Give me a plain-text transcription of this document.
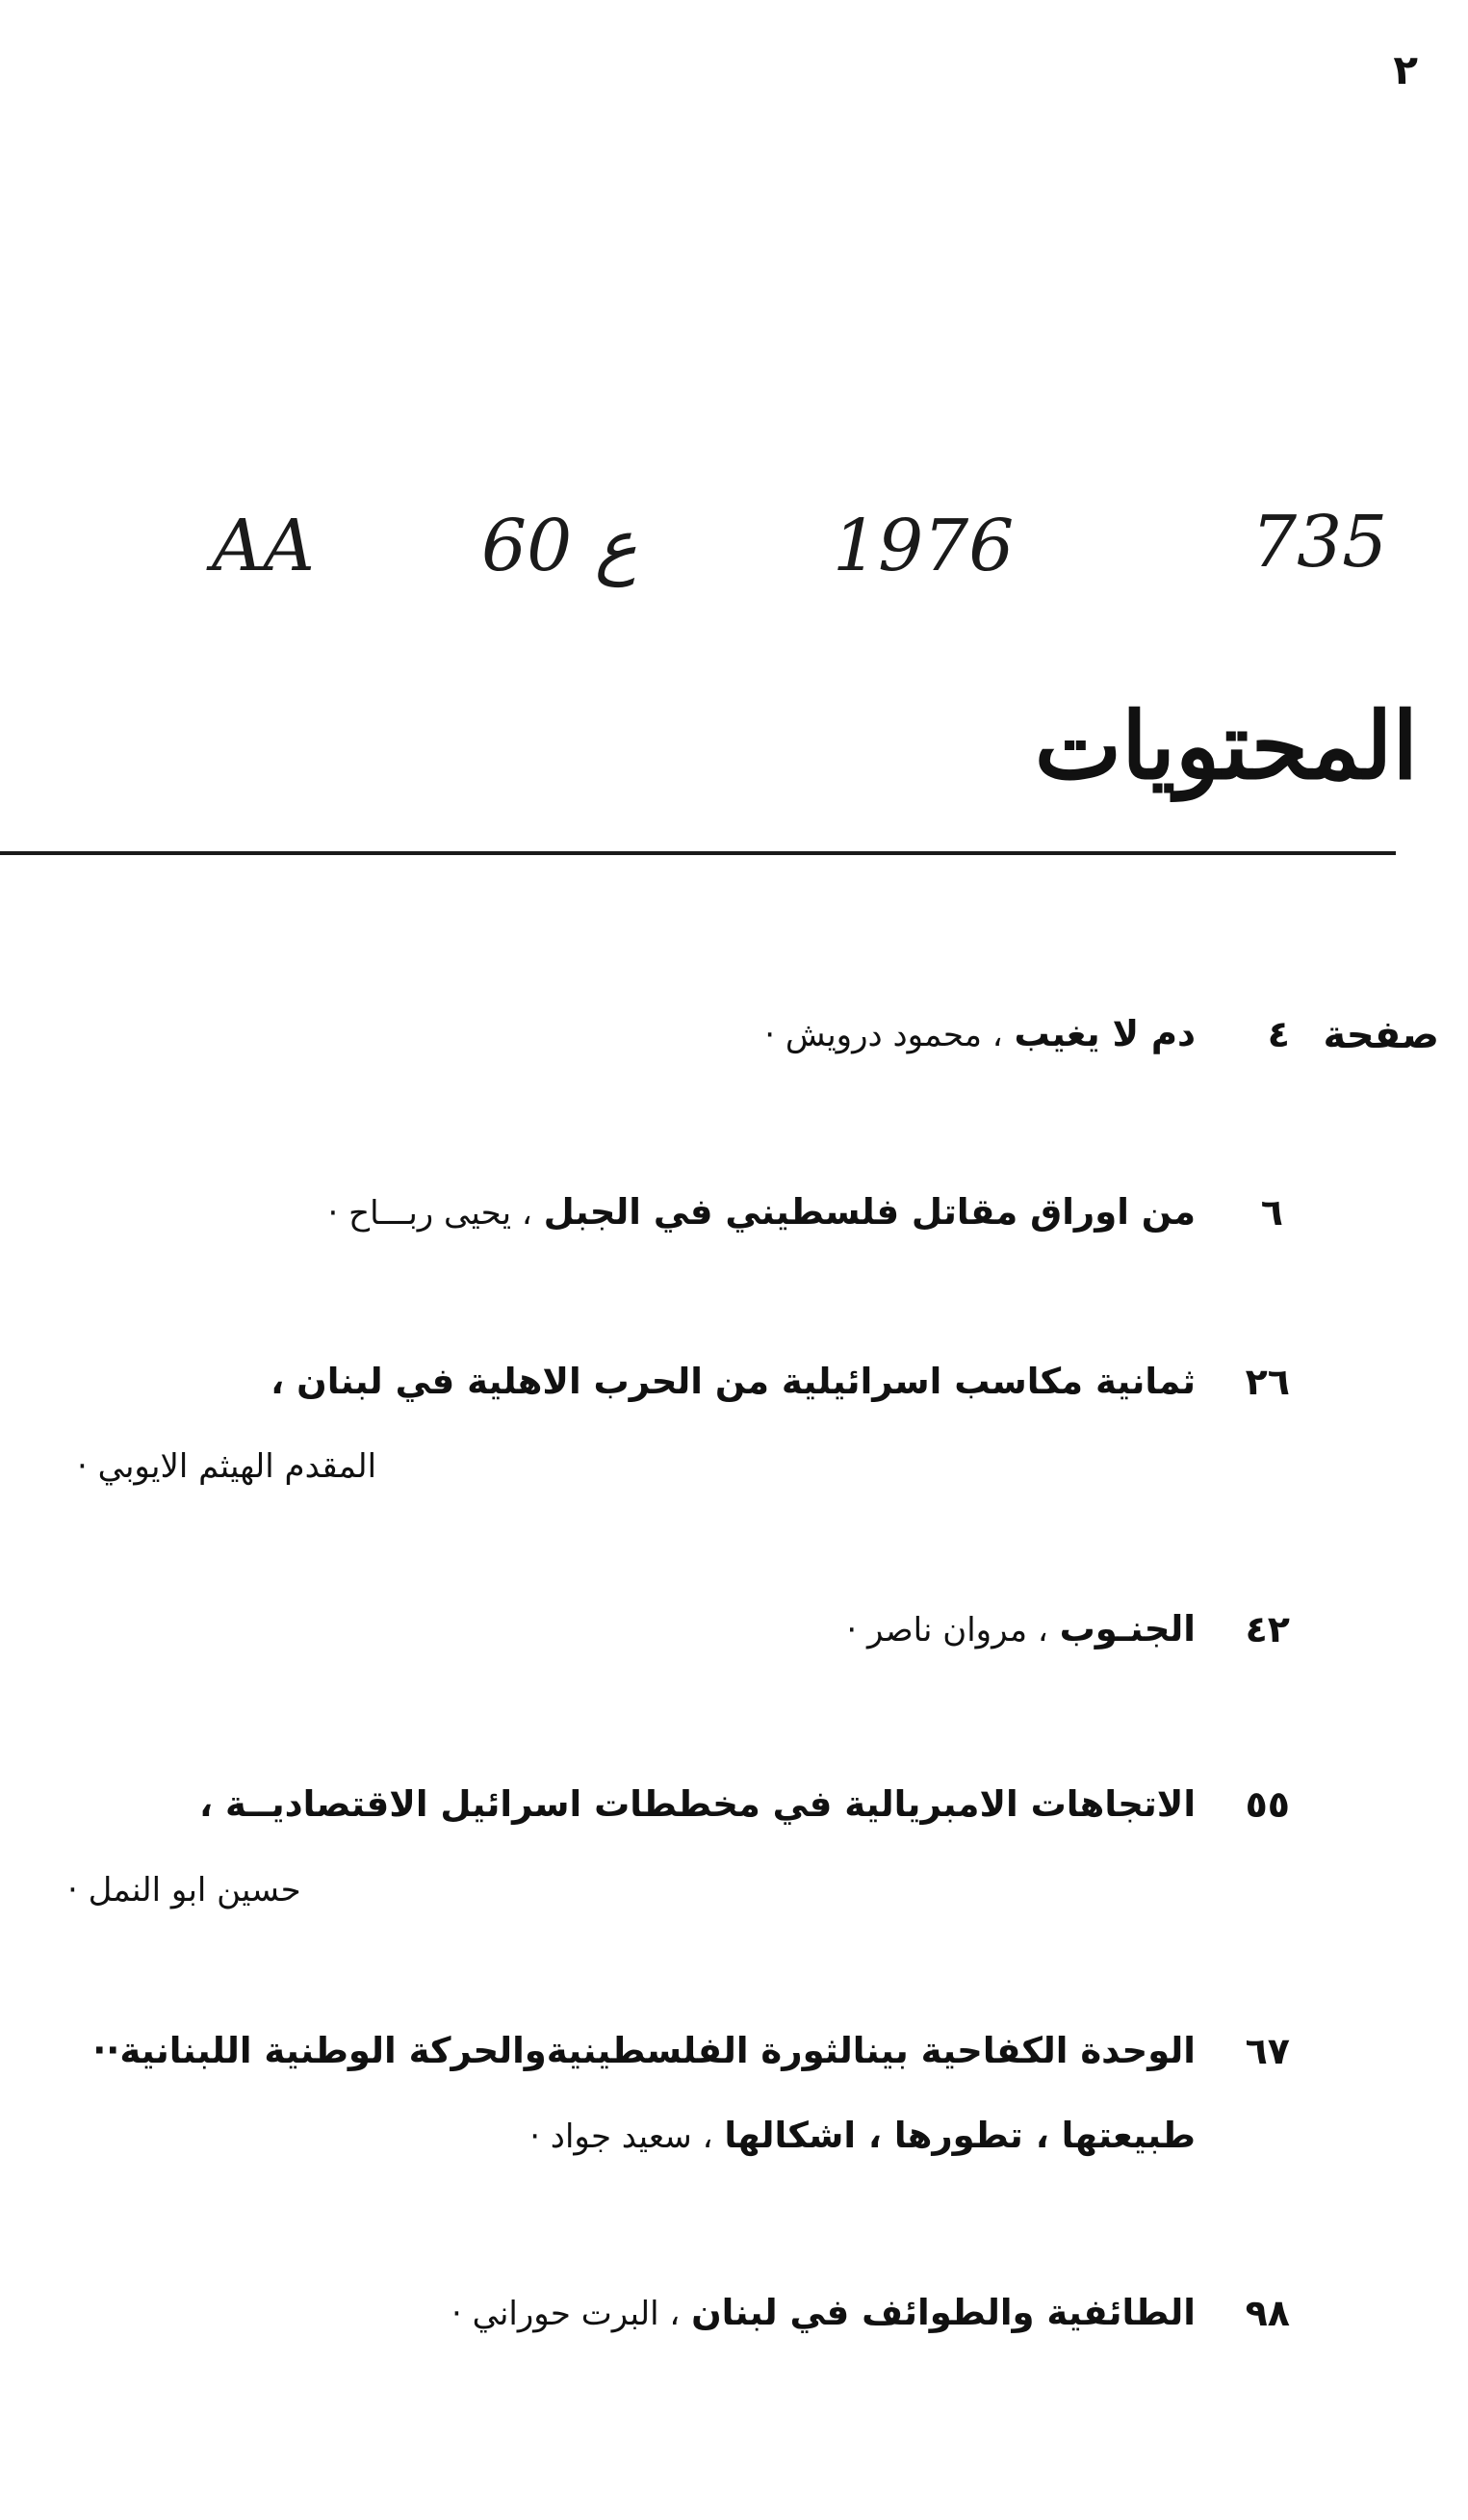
٢
AA 60 ع	1976	735
المحتويات
صفحة
٤
دم لا يغيب ، محمود درويش ·
٦
من اوراق مقاتل فلسطيني في الجبل ، يحيى ربـــاح ·
٢٦
ثمانية مكاسب اسرائيلية من الحرب الاهلية في لبنان ،
المقدم الهيثم الايوبي ·
٤٢
الجنـوب ، مروان ناصر ·
٥٥
الاتجاهات الامبريالية في مخططات اسرائيل الاقتصاديــة ،
حسين ابو النمل ·
٦٧
الوحدة الكفاحية بينالثورة الفلسطينيةوالحركة الوطنية اللبنانية··
طبيعتها ، تطورها ، اشكالها ، سعيد جواد ·
٩٨
الطائفية والطوائف في لبنان ، البرت حوراني ·
